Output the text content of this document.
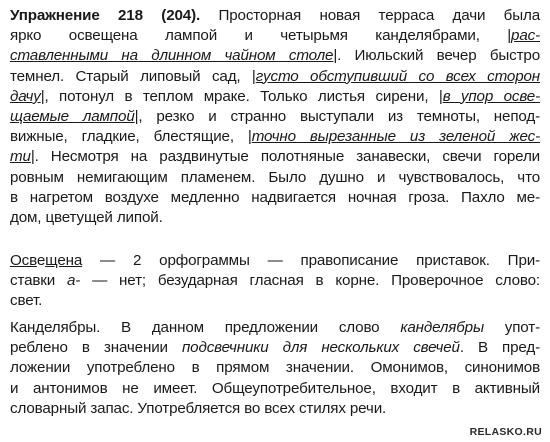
Упражнение 218 (204). Просторная новая терраса дачи была
ярко освещена лампой и четырьмя канделябрами, |рас-
ставленными на длинном чайном столе|. Июльский вечер быстро
темнел. Старый липовый сад, |густо обступивший со всех сторон
дачу|, потонул в теплом мраке. Только листья сирени, |в упор осве-
щаемые лампой|, резко и странно выступали из темноты, непод-
вижные, гладкие, блестящие, |точно вырезанные из зеленой жес-
ти|. Несмотря на раздвинутые полотняные занавески, свечи горели
ровным немигающим пламенем. Было душно и чувствовалось, что
в нагретом воздухе медленно надвигается ночная гроза. Пахло ме-
дом, цветущей липой.
Освещена — 2 орфограммы — правописание приставок. При-
ставки а- — нет; безударная гласная в корне. Проверочное слово:
свет.
Канделябры. В данном предложении слово канделябры упот-
реблено в значении подсвечники для нескольких свечей. В пред-
ложении употреблено в прямом значении. Омонимов, синонимов
и антонимов не имеет. Общеупотребительное, входит в активный
словарный запас. Употребляется во всех стилях речи.
RELASKO.RU
